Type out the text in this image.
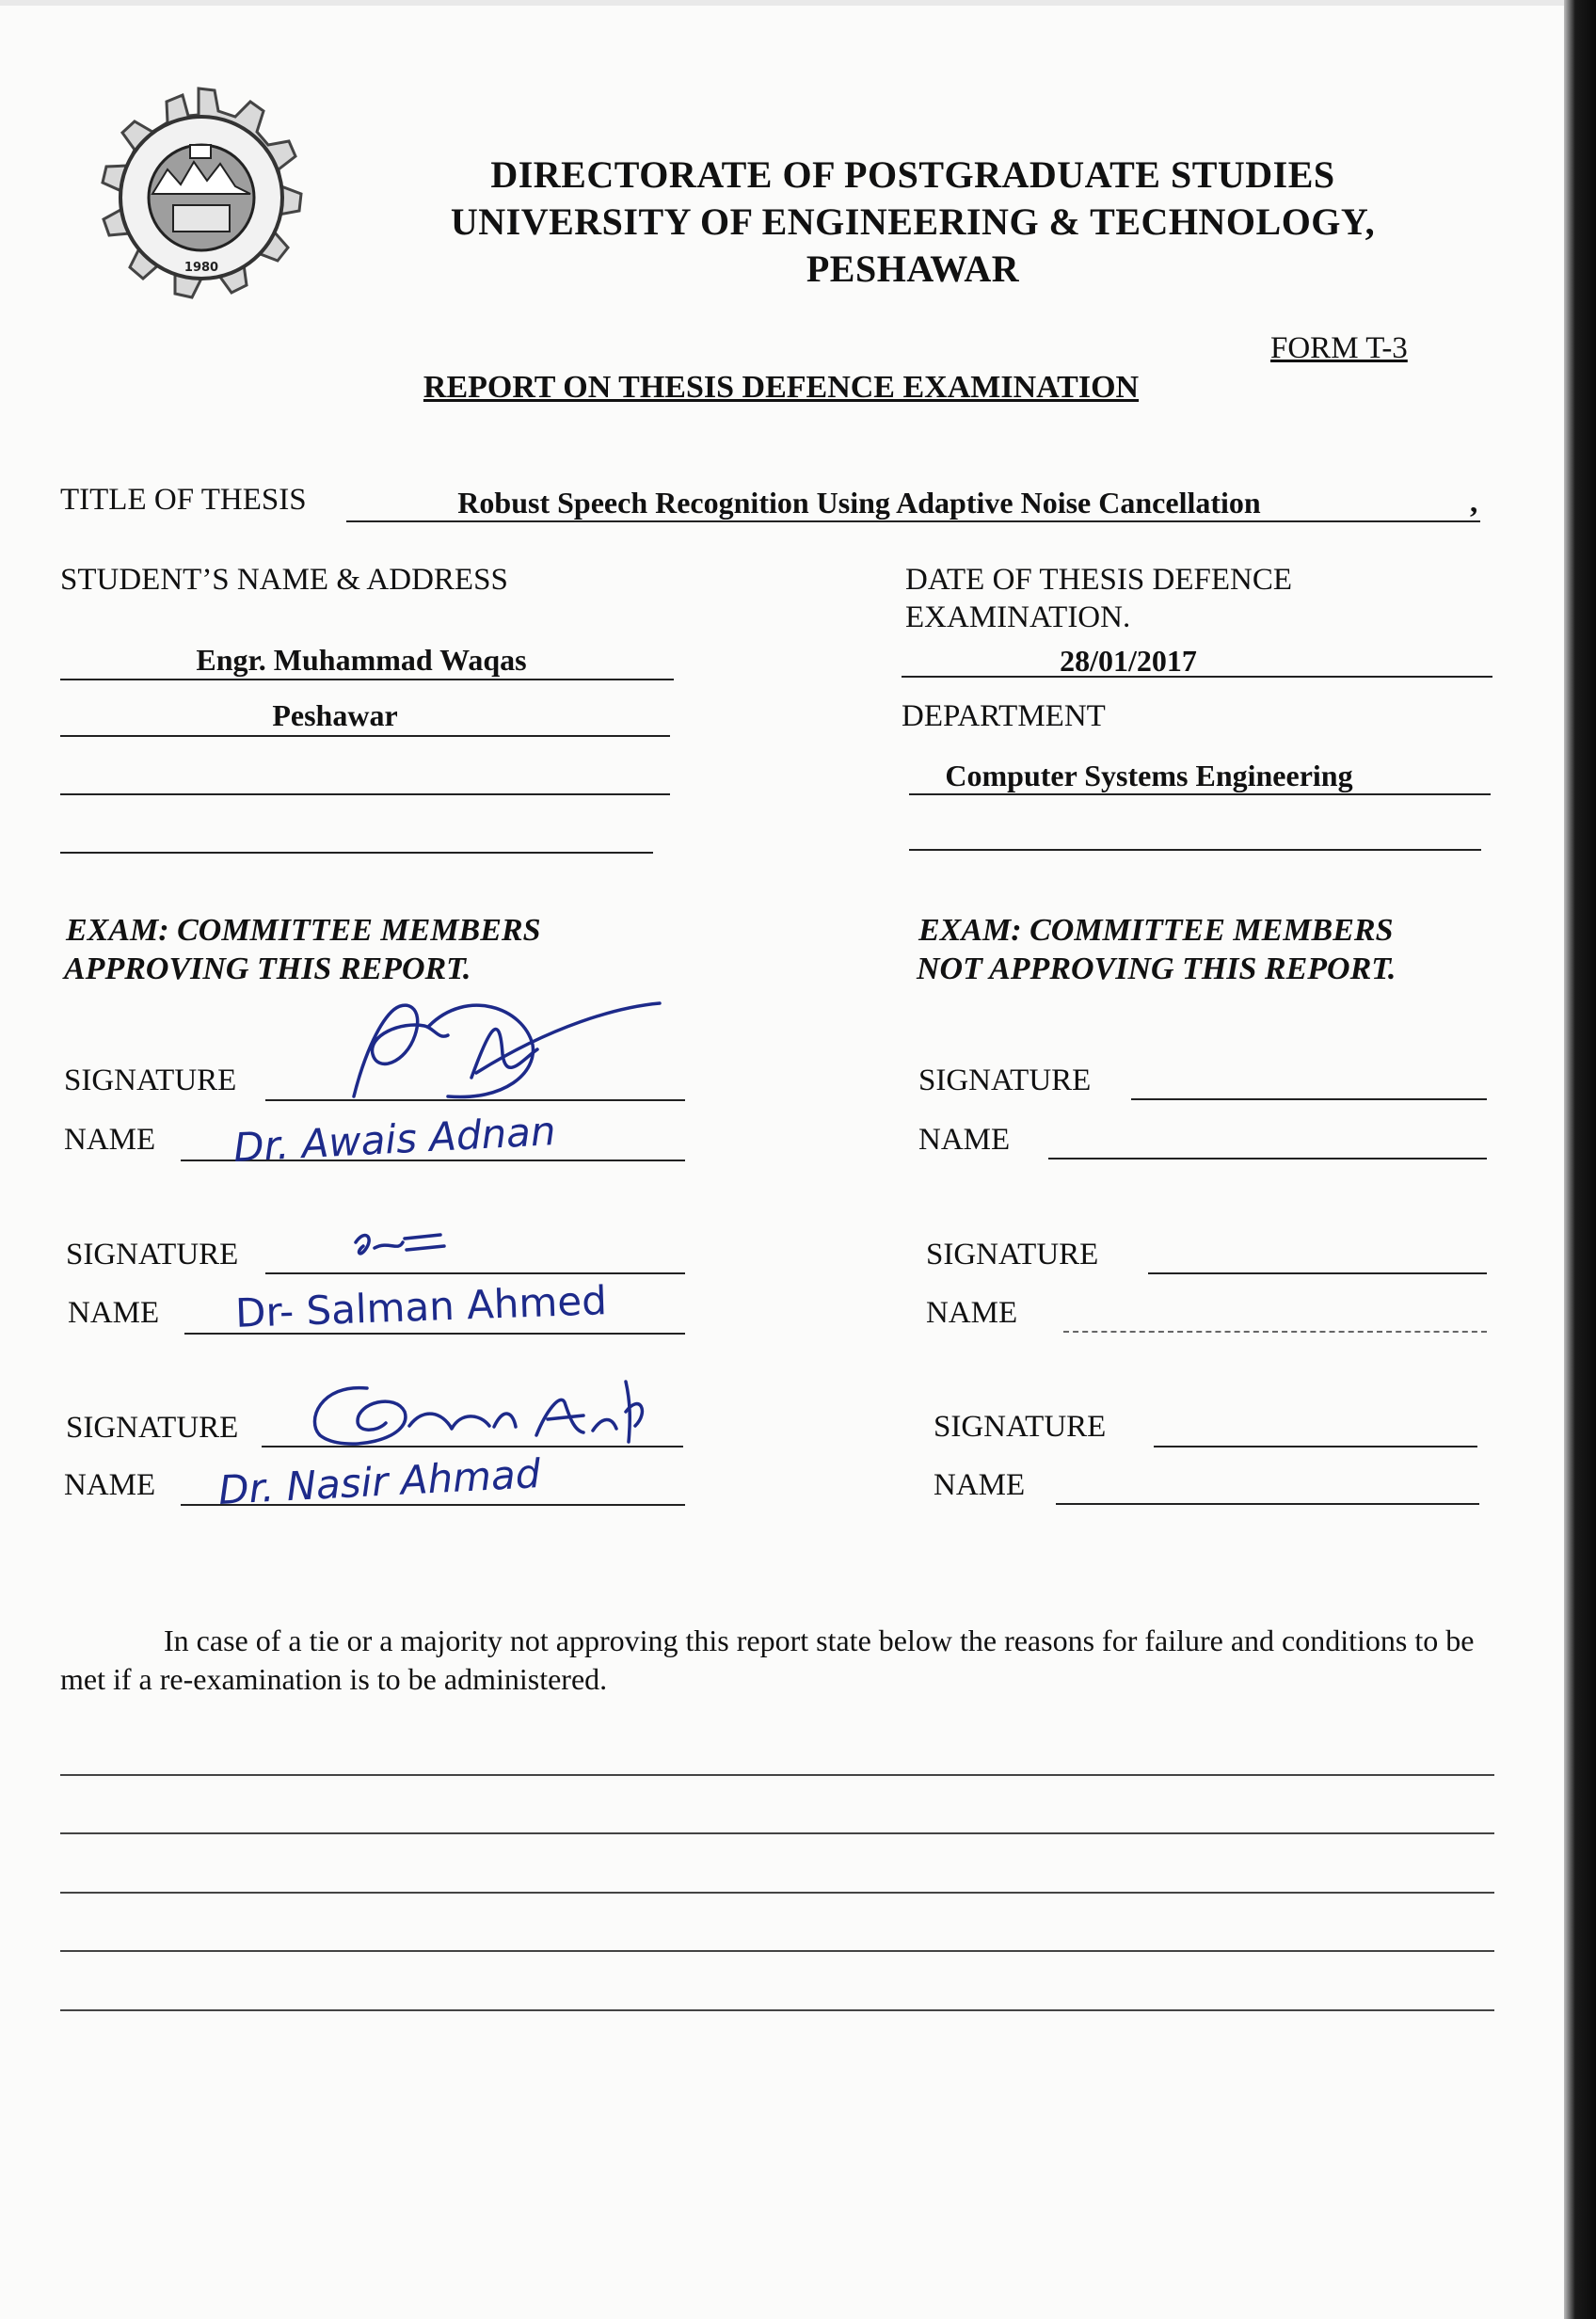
1980
DIRECTORATE OF POSTGRADUATE STUDIES
UNIVERSITY OF ENGINEERING & TECHNOLOGY,
PESHAWAR
FORM T-3
REPORT ON THESIS DEFENCE EXAMINATION
TITLE OF THESIS	Robust Speech Recognition Using Adaptive Noise Cancellation	,
STUDENT’S NAME & ADDRESS
Engr. Muhammad Waqas
Peshawar
DATE OF THESIS DEFENCE
EXAMINATION.
28/01/2017
DEPARTMENT
Computer Systems Engineering
EXAM: COMMITTEE MEMBERS
APPROVING THIS REPORT.
SIGNATURE
NAME Dr. Awais Adnan
SIGNATURE
NAME Dr- Salman Ahmed
SIGNATURE
NAME Dr. Nasir Ahmad
EXAM: COMMITTEE MEMBERS
NOT APPROVING THIS REPORT.
SIGNATURE
NAME
SIGNATURE
NAME
SIGNATURE
NAME
In case of a tie or a majority not approving this report state below the reasons for failure and conditions to be met if a re-examination is to be administered.
